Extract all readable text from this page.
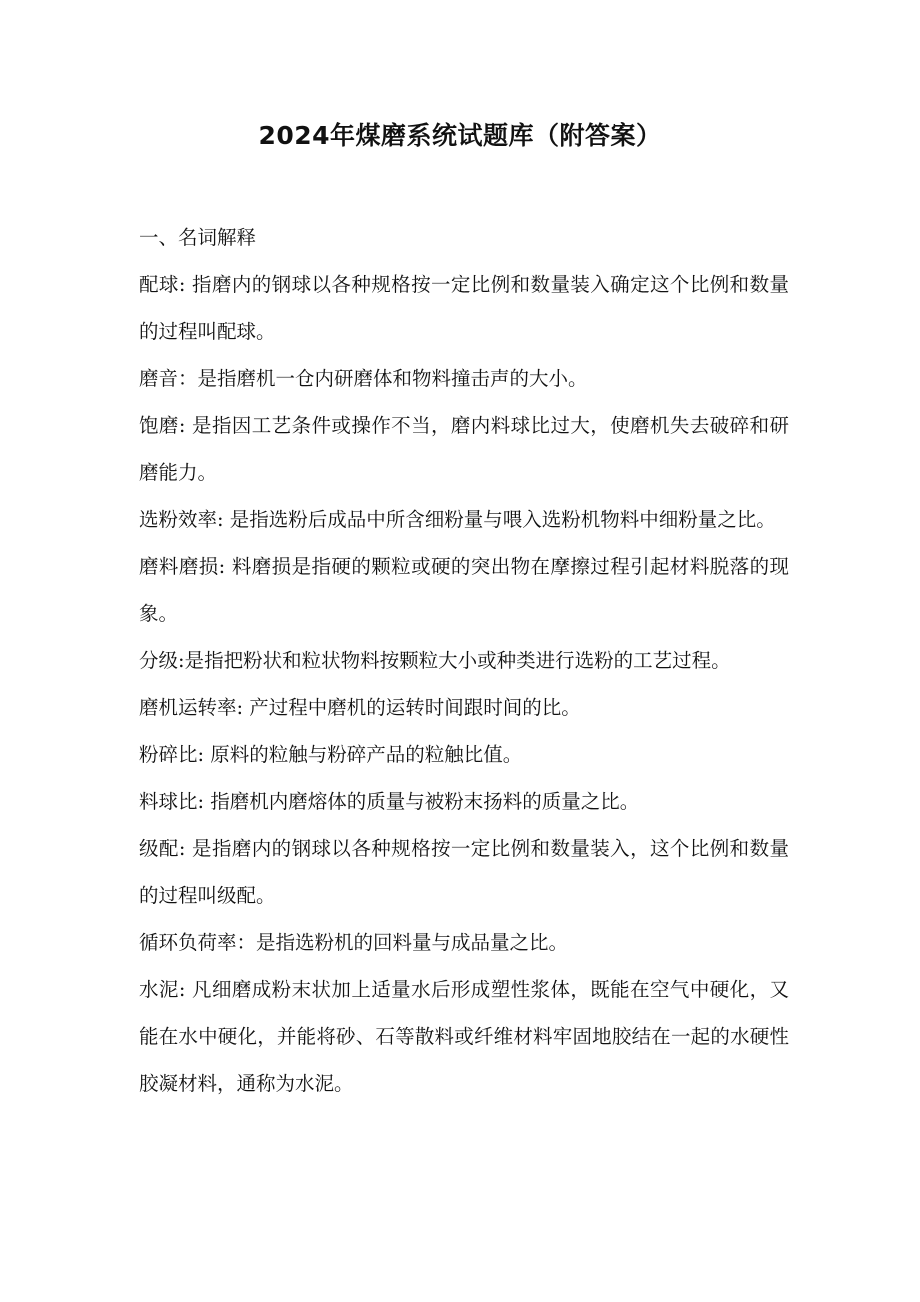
2024年煤磨系统试题库（附答案）

一、名词解释

配球: 指磨内的钢球以各种规格按一定比例和数量装入确定这个比例和数量的过程叫配球。

磨音：是指磨机一仓内研磨体和物料撞击声的大小。

饱磨: 是指因工艺条件或操作不当，磨内料球比过大，使磨机失去破碎和研磨能力。

选粉效率: 是指选粉后成品中所含细粉量与喂入选粉机物料中细粉量之比。

磨料磨损: 料磨损是指硬的颗粒或硬的突出物在摩擦过程引起材料脱落的现象。

分级:是指把粉状和粒状物料按颗粒大小或种类进行选粉的工艺过程。

磨机运转率: 产过程中磨机的运转时间跟时间的比。

粉碎比: 原料的粒触与粉碎产品的粒触比值。

料球比: 指磨机内磨熔体的质量与被粉末扬料的质量之比。

级配: 是指磨内的钢球以各种规格按一定比例和数量装入，这个比例和数量的过程叫级配。

循环负荷率：是指选粉机的回料量与成品量之比。

水泥: 凡细磨成粉末状加上适量水后形成塑性浆体，既能在空气中硬化，又能在水中硬化，并能将砂、石等散料或纤维材料牢固地胶结在一起的水硬性胶凝材料，通称为水泥。
